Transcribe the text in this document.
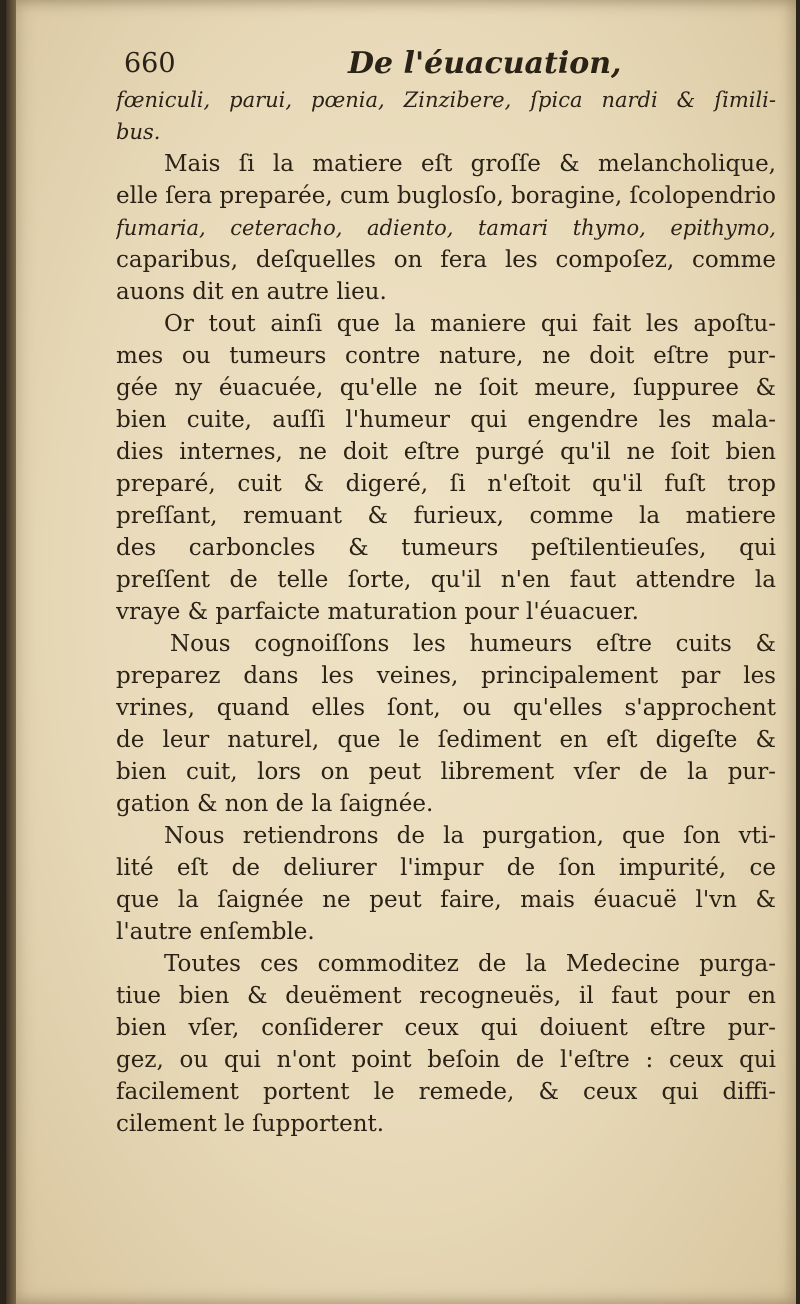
660	De l'éuacuation,
fœniculi, parui, pœnia, Zinzibere, ſpica nardi & ſimili-
bus.
Mais ſi la matiere eſt groſſe & melancholique,
elle ſera preparée, cum buglosſo, boragine, ſcolopendrio
fumaria, ceteracho, adiento, tamari thymo, epithymo,
caparibus, deſquelles on fera les compoſez, comme
auons dit en autre lieu.
Or tout ainſi que la maniere qui fait les apoſtu-
mes ou tumeurs contre nature, ne doit eſtre pur-
gée ny éuacuée, qu'elle ne ſoit meure, ſuppuree &
bien cuite, auſſi l'humeur qui engendre les mala-
dies internes, ne doit eſtre purgé qu'il ne ſoit bien
preparé, cuit & digeré, ſi n'eſtoit qu'il fuſt trop
preſſant, remuant & furieux, comme la matiere
des carboncles & tumeurs peſtilentieuſes, qui
preſſent de telle ſorte, qu'il n'en faut attendre la
vraye & parfaicte maturation pour l'éuacuer.
Nous cognoiſſons les humeurs eſtre cuits &
preparez dans les veines, principalement par les
vrines, quand elles ſont, ou qu'elles s'approchent
de leur naturel, que le ſediment en eſt digeſte &
bien cuit, lors on peut librement vſer de la pur-
gation & non de la ſaignée.
Nous retiendrons de la purgation, que ſon vti-
lité eſt de deliurer l'impur de ſon impurité, ce
que la ſaignée ne peut faire, mais éuacuë l'vn &
l'autre enſemble.
Toutes ces commoditez de la Medecine purga-
tiue bien & deuëment recogneuës, il faut pour en
bien vſer, conſiderer ceux qui doiuent eſtre pur-
gez, ou qui n'ont point beſoin de l'eſtre : ceux qui
facilement portent le remede, & ceux qui diffi-
cilement le ſupportent.
